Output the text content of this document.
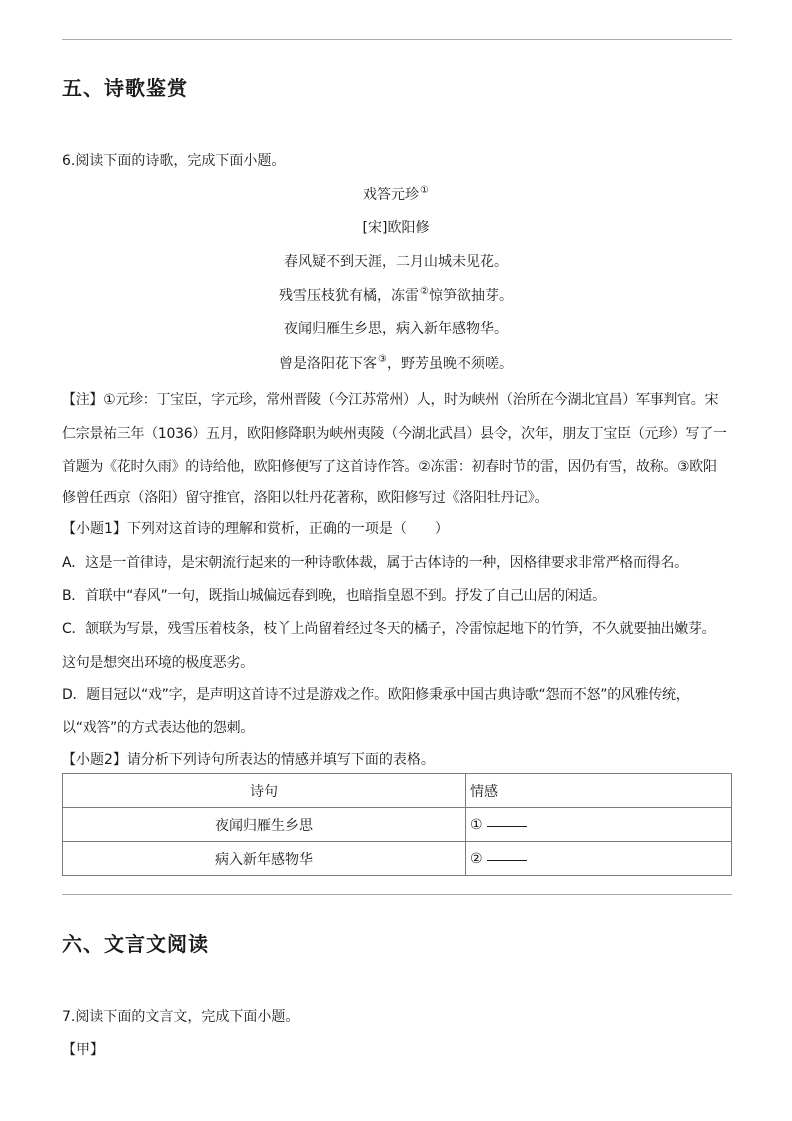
五、诗歌鉴赏
6.阅读下面的诗歌，完成下面小题。
戏答元珍①
[宋]欧阳修
春风疑不到天涯，二月山城未见花。
残雪压枝犹有橘，冻雷②惊笋欲抽芽。
夜闻归雁生乡思，病入新年感物华。
曾是洛阳花下客③，野芳虽晚不须嗟。
【注】①元珍：丁宝臣，字元珍，常州晋陵（今江苏常州）人，时为峡州（治所在今湖北宜昌）军事判官。宋
仁宗景祐三年（1036）五月，欧阳修降职为峡州夷陵（今湖北武昌）县令，次年，朋友丁宝臣（元珍）写了一
首题为《花时久雨》的诗给他，欧阳修便写了这首诗作答。②冻雷：初春时节的雷，因仍有雪，故称。③欧阳
修曾任西京（洛阳）留守推官，洛阳以牡丹花著称，欧阳修写过《洛阳牡丹记》。
【小题1】下列对这首诗的理解和赏析，正确的一项是（　　）
A．这是一首律诗，是宋朝流行起来的一种诗歌体裁，属于古体诗的一种，因格律要求非常严格而得名。
B．首联中“春风”一句，既指山城偏远春到晚，也暗指皇恩不到。抒发了自己山居的闲适。
C．颔联为写景，残雪压着枝条，枝丫上尚留着经过冬天的橘子，冷雷惊起地下的竹笋，不久就要抽出嫩芽。
这句是想突出环境的极度恶劣。
D．题目冠以“戏”字，是声明这首诗不过是游戏之作。欧阳修秉承中国古典诗歌“怨而不怒”的风雅传统，
以“戏答”的方式表达他的怨刺。
【小题2】请分析下列诗句所表达的情感并填写下面的表格。
诗句	情感
夜闻归雁生乡思	①
病入新年感物华	②
六、文言文阅读
7.阅读下面的文言文，完成下面小题。
【甲】
